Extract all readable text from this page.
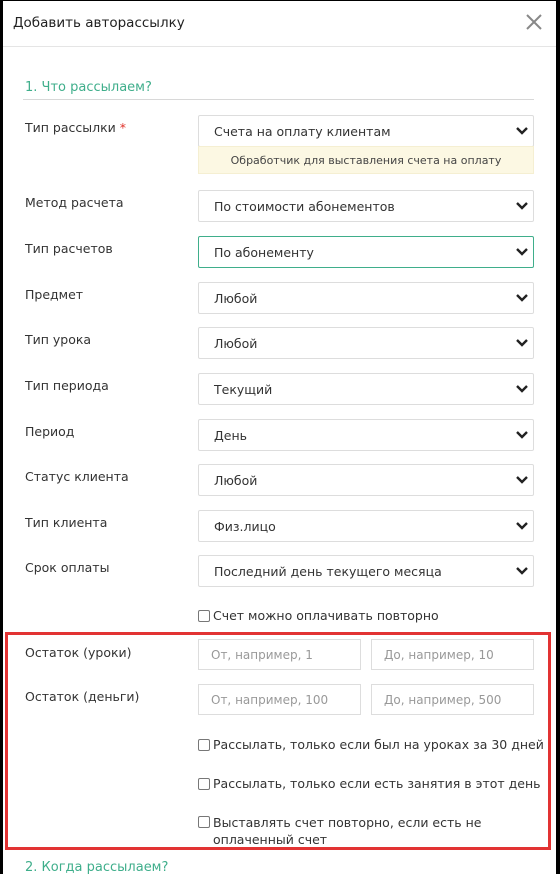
Добавить авторассылку
1. Что рассылаем?
Тип рассылки *	Счета на оплату клиентам
Обработчик для выставления счета на оплату
Метод расчета	По стоимости абонементов
Тип расчетов	По абонементу
Предмет	Любой
Тип урока	Любой
Тип периода	Текущий
Период	День
Статус клиента	Любой
Тип клиента	Физ.лицо
Срок оплаты	Последний день текущего месяца
Счет можно оплачивать повторно
Остаток (уроки)	От, например, 1	До, например, 10
Остаток (деньги)	От, например, 100	До, например, 500
Рассылать, только если был на уроках за 30 дней
Рассылать, только если есть занятия в этот день
Выставлять счет повторно, если есть не оплаченный счет
2. Когда рассылаем?
